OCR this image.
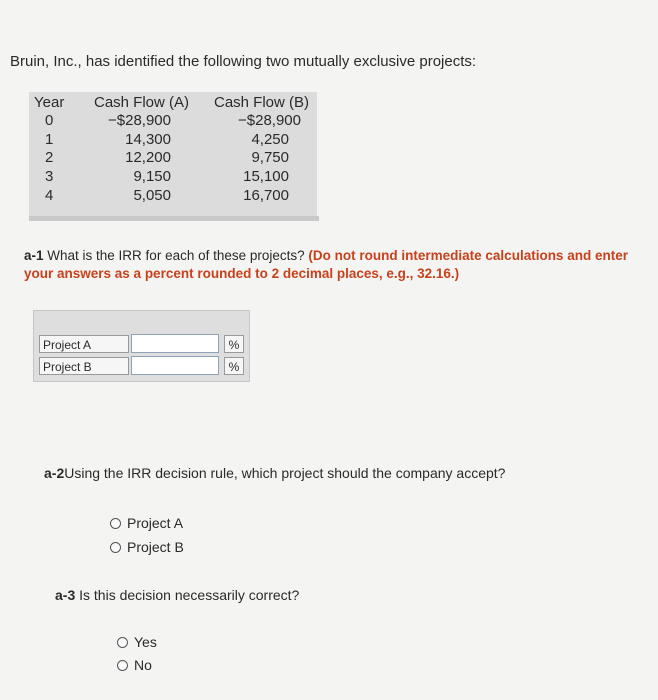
Bruin, Inc., has identified the following two mutually exclusive projects:
Year Cash Flow (A) Cash Flow (B)
0	−$28,900	−$28,900
1	14,300	4,250
2	12,200	9,750
3	9,150	15,100
4	5,050	16,700
a-1 What is the IRR for each of these projects? (Do not round intermediate calculations and enter your answers as a percent rounded to 2 decimal places, e.g., 32.16.)
Project A	%
Project B	%
a-2Using the IRR decision rule, which project should the company accept?
Project A
Project B
a-3 Is this decision necessarily correct?
Yes
No
